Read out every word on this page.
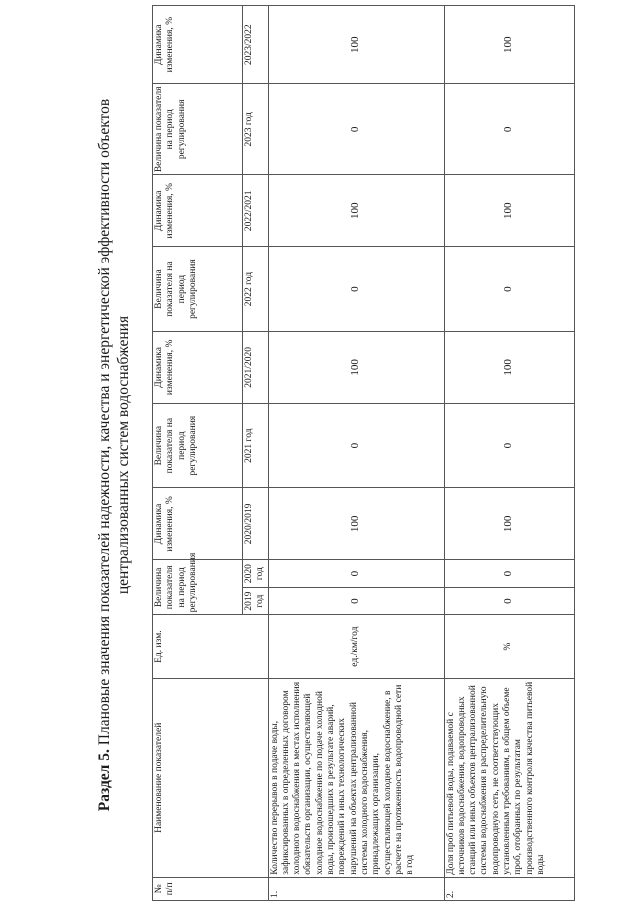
Раздел 5. Плановые значения показателей надежности, качества и энергетической эффективности объектов централизованных систем водоснабжения
№ п/п	Наименование показателей	Ед. изм.	Величина показателя на период регулирования		Динамика изменения, %	Величина показателя на период регулирования	Динамика изменения, %	Величина показателя на период регулирования	Динамика изменения, %	Величина показателя на период регулирования	Динамика изменения, %
			2019 год	2020 год	2020/2019	2021 год	2021/2020	2022 год	2022/2021	2023 год	2023/2022
1.	Количество перерывов в подаче воды, зафиксированных в определенных договором холодного водоснабжения в местах исполнения обязательств организации, осуществляющей холодное водоснабжение по подаче холодной воды, произошедших в результате аварий, повреждений и иных технологических нарушений на объектах централизованной системы холодного водоснабжения, принадлежащих организации, осуществляющей холодное водоснабжение, в расчете на протяженность водопроводной сети в год	ед./км/год	0	0	100	0	100	0	100	0	100
2.	Доля проб питьевой воды, подаваемой с источников водоснабжения, водопроводных станций или иных объектов централизованной системы водоснабжения в распределительную водопроводную сеть, не соответствующих установленным требованиям, в общем объеме проб, отобранных по результатам производственного контроля качества питьевой воды	%	0	0	100	0	100	0	100	0	100
